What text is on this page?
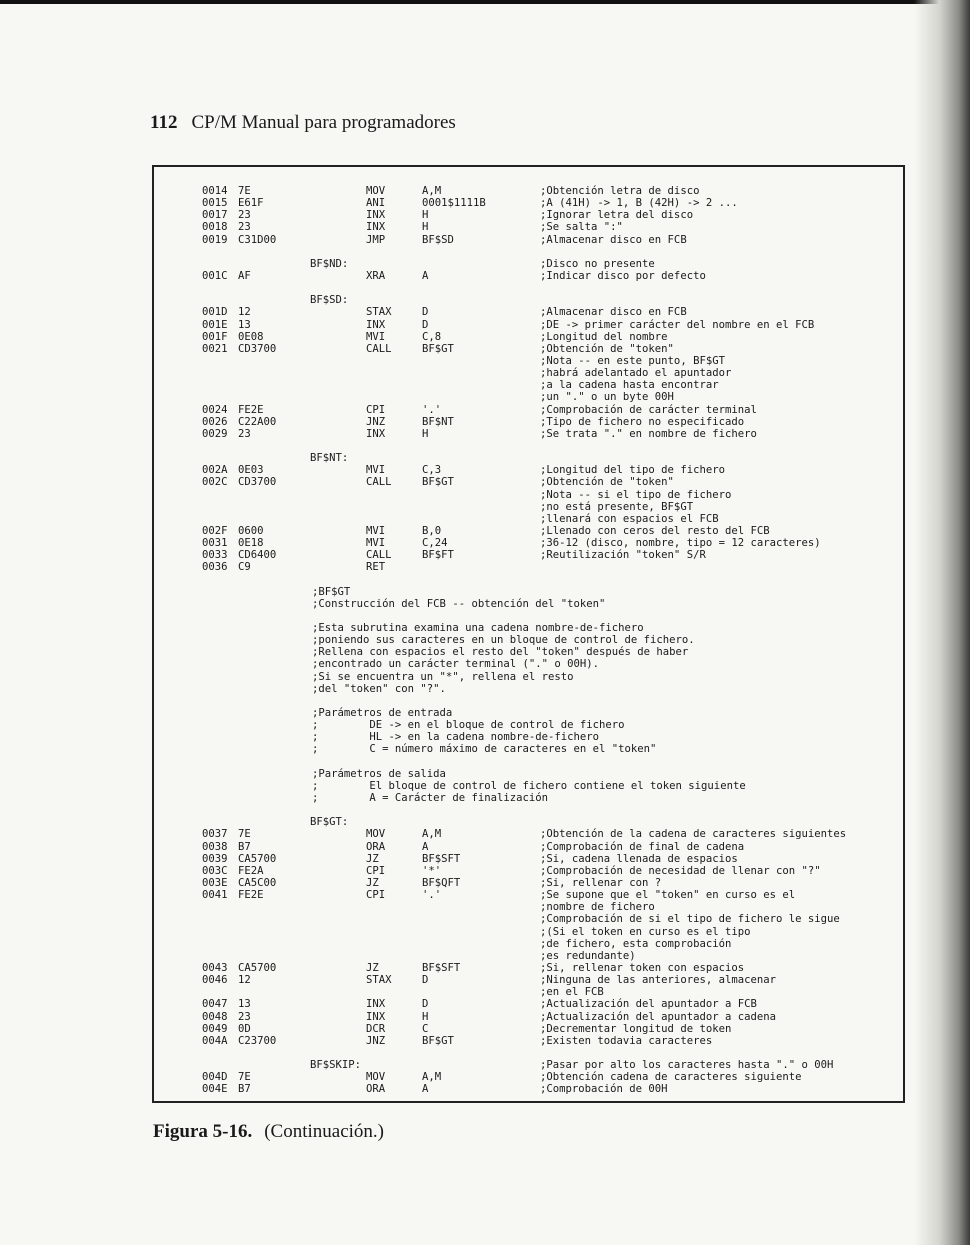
112 CP/M Manual para programadores
0014 7E	MOV	A,M	;Obtención letra de disco
0015 E61F	ANI	0001$1111B	;A (41H) -> 1, B (42H) -> 2 ...
0017 23	INX	H	;Ignorar letra del disco
0018 23	INX	H	;Se salta ":"
0019 C31D00	JMP	BF$SD	;Almacenar disco en FCB
BF$ND:	;Disco no presente
001C AF	XRA	A	;Indicar disco por defecto
BF$SD:
001D 12	STAX	D	;Almacenar disco en FCB
001E 13	INX	D	;DE -> primer carácter del nombre en el FCB
001F 0E08	MVI	C,8	;Longitud del nombre
0021 CD3700	CALL	BF$GT	;Obtención de "token"
;Nota -- en este punto, BF$GT
;habrá adelantado el apuntador
;a la cadena hasta encontrar
;un "." o un byte 00H
0024 FE2E	CPI	'.'	;Comprobación de carácter terminal
0026 C22A00	JNZ	BF$NT	;Tipo de fichero no especificado
0029 23	INX	H	;Se trata "." en nombre de fichero
BF$NT:
002A 0E03	MVI	C,3	;Longitud del tipo de fichero
002C CD3700	CALL	BF$GT	;Obtención de "token"
;Nota -- si el tipo de fichero
;no está presente, BF$GT
;llenará con espacios el FCB
002F 0600	MVI	B,0	;Llenado con ceros del resto del FCB
0031 0E18	MVI	C,24	;36-12 (disco, nombre, tipo = 12 caracteres)
0033 CD6400	CALL	BF$FT	;Reutilización "token" S/R
0036 C9	RET
;BF$GT
;Construcción del FCB -- obtención del "token"
;Esta subrutina examina una cadena nombre-de-fichero
;poniendo sus caracteres en un bloque de control de fichero.
;Rellena con espacios el resto del "token" después de haber
;encontrado un carácter terminal ("." o 00H).
;Si se encuentra un "*", rellena el resto
;del "token" con "?".
;Parámetros de entrada
;        DE -> en el bloque de control de fichero
;        HL -> en la cadena nombre-de-fichero
;        C = número máximo de caracteres en el "token"
;Parámetros de salida
;        El bloque de control de fichero contiene el token siguiente
;        A = Carácter de finalización
BF$GT:
0037 7E	MOV	A,M	;Obtención de la cadena de caracteres siguientes
0038 B7	ORA	A	;Comprobación de final de cadena
0039 CA5700	JZ	BF$SFT	;Si, cadena llenada de espacios
003C FE2A	CPI	'*'	;Comprobación de necesidad de llenar con "?"
003E CA5C00	JZ	BF$QFT	;Si, rellenar con ?
0041 FE2E	CPI	'.'	;Se supone que el "token" en curso es el
;nombre de fichero
;Comprobación de si el tipo de fichero le sigue
;(Si el token en curso es el tipo
;de fichero, esta comprobación
;es redundante)
0043 CA5700	JZ	BF$SFT	;Si, rellenar token con espacios
0046 12	STAX	D	;Ninguna de las anteriores, almacenar
;en el FCB
0047 13	INX	D	;Actualización del apuntador a FCB
0048 23	INX	H	;Actualización del apuntador a cadena
0049 0D	DCR	C	;Decrementar longitud de token
004A C23700	JNZ	BF$GT	;Existen todavia caracteres
BF$SKIP:	;Pasar por alto los caracteres hasta "." o 00H
004D 7E	MOV	A,M	;Obtención cadena de caracteres siguiente
004E B7	ORA	A	;Comprobación de 00H
Figura 5-16. (Continuación.)
